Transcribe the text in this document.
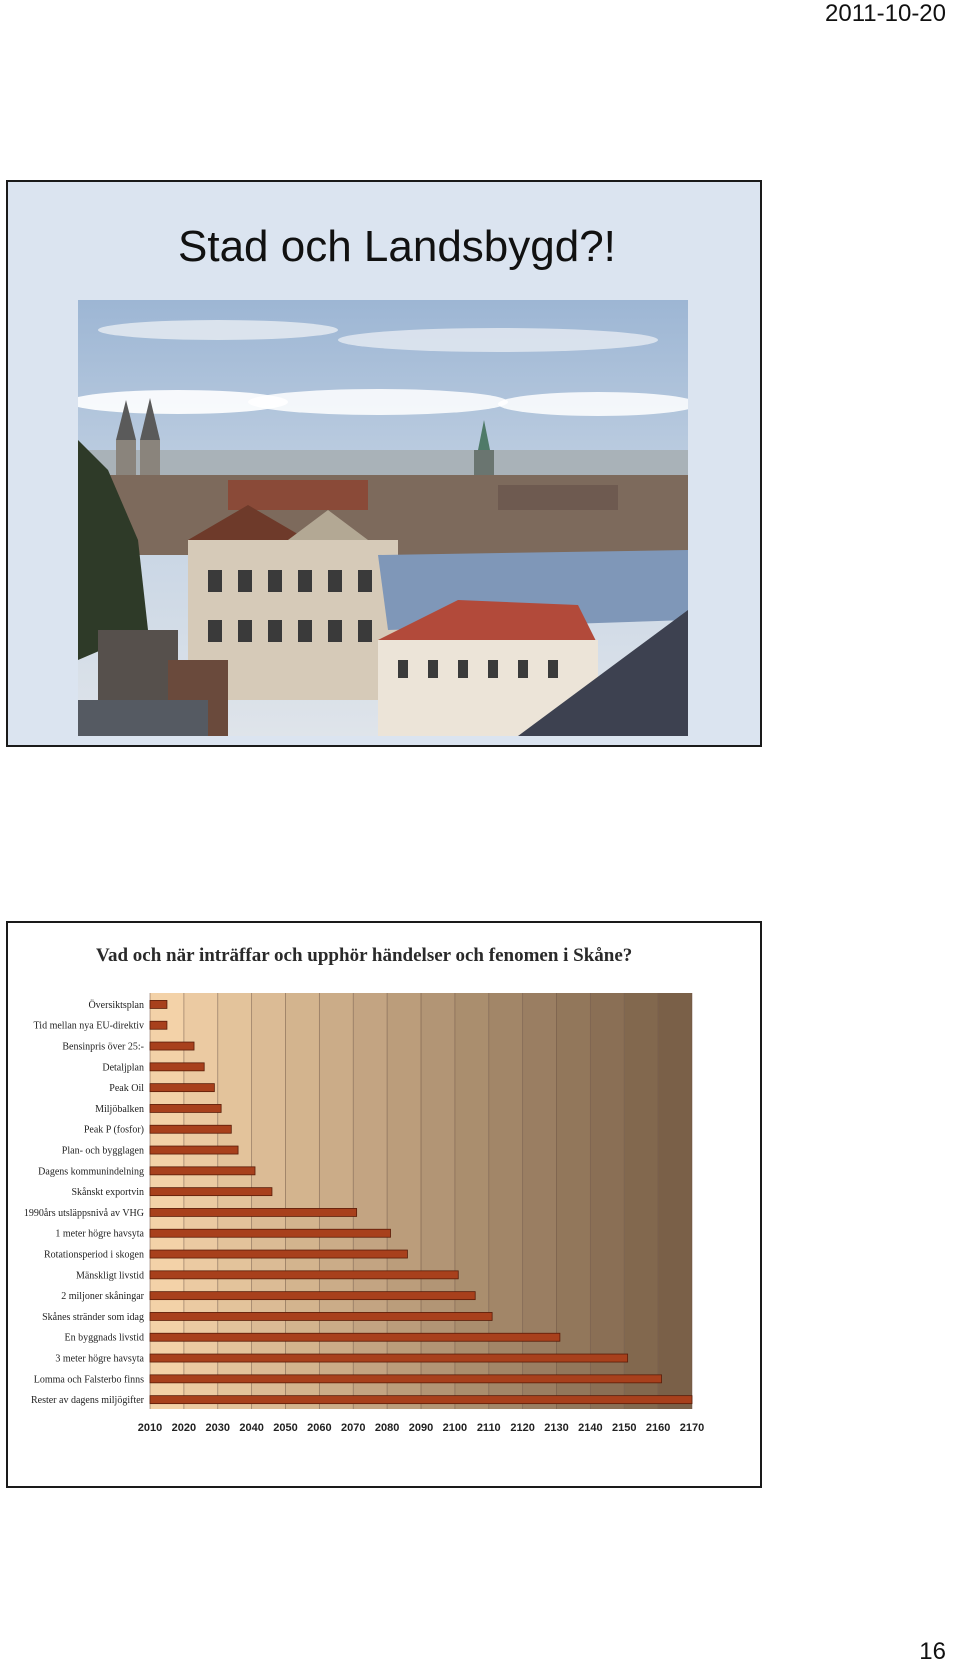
2011-10-20
Stad och Landsbygd?!
Vad och när inträffar och upphör händelser och fenomen i Skåne?
Översiktsplan
Tid mellan nya EU-direktiv
Bensinpris över 25:-
Detaljplan
Peak Oil
Miljöbalken
Peak P (fosfor)
Plan- och bygglagen
Dagens kommunindelning
Skånskt exportvin
1990års utsläppsnivå av VHG
1 meter högre havsyta
Rotationsperiod i skogen
Mänskligt livstid
2 miljoner skåningar
Skånes stränder som idag
En byggnads livstid
3 meter högre havsyta
Lomma och Falsterbo finns
Rester av dagens miljögifter
2010 2020 2030 2040 2050 2060 2070 2080 2090 2100 2110 2120 2130 2140 2150 2160 2170
16
